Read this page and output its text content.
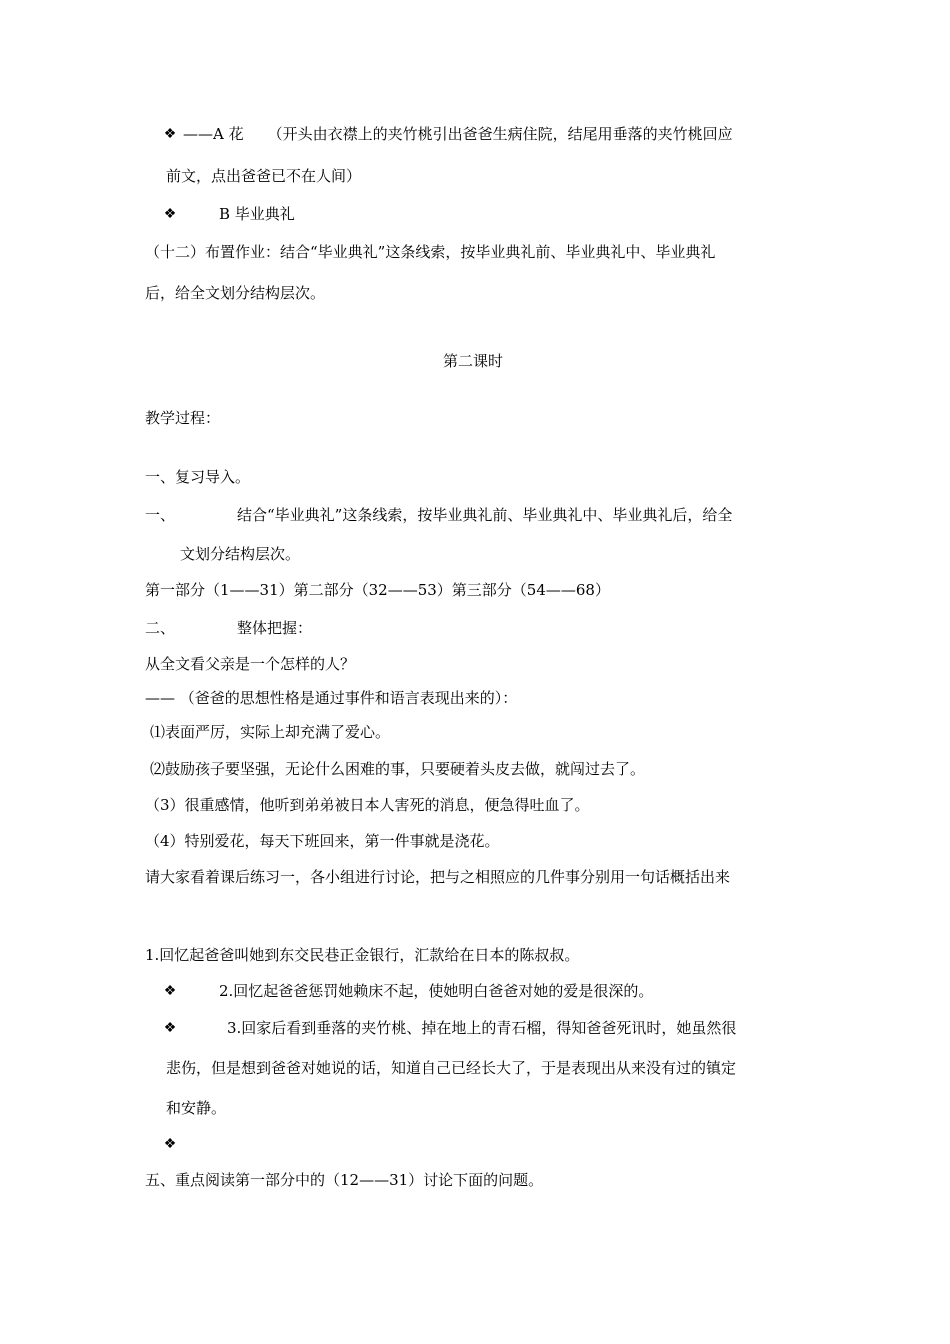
❖
——A 花 （开头由衣襟上的夹竹桃引出爸爸生病住院，结尾用垂落的夹竹桃回应
前文，点出爸爸已不在人间）
❖
B 毕业典礼
（十二）布置作业：结合“毕业典礼”这条线索，按毕业典礼前、毕业典礼中、毕业典礼
后，给全文划分结构层次。
第二课时
教学过程：
一、复习导入。
一、	结合“毕业典礼”这条线索，按毕业典礼前、毕业典礼中、毕业典礼后，给全
文划分结构层次。
第一部分（1——31）第二部分（32——53）第三部分（54——68）
二、	整体把握：
从全文看父亲是一个怎样的人？
—— （爸爸的思想性格是通过事件和语言表现出来的）：
⑴表面严厉，实际上却充满了爱心。
⑵鼓励孩子要坚强，无论什么困难的事，只要硬着头皮去做，就闯过去了。
（3）很重感情，他听到弟弟被日本人害死的消息，便急得吐血了。
（4）特别爱花，每天下班回来，第一件事就是浇花。
请大家看着课后练习一，各小组进行讨论，把与之相照应的几件事分别用一句话概括出来
1.回忆起爸爸叫她到东交民巷正金银行，汇款给在日本的陈叔叔。
❖
2.回忆起爸爸惩罚她赖床不起，使她明白爸爸对她的爱是很深的。
❖
3.回家后看到垂落的夹竹桃、掉在地上的青石榴，得知爸爸死讯时，她虽然很
悲伤，但是想到爸爸对她说的话，知道自己已经长大了，于是表现出从来没有过的镇定
和安静。
❖
五、重点阅读第一部分中的（12——31）讨论下面的问题。
